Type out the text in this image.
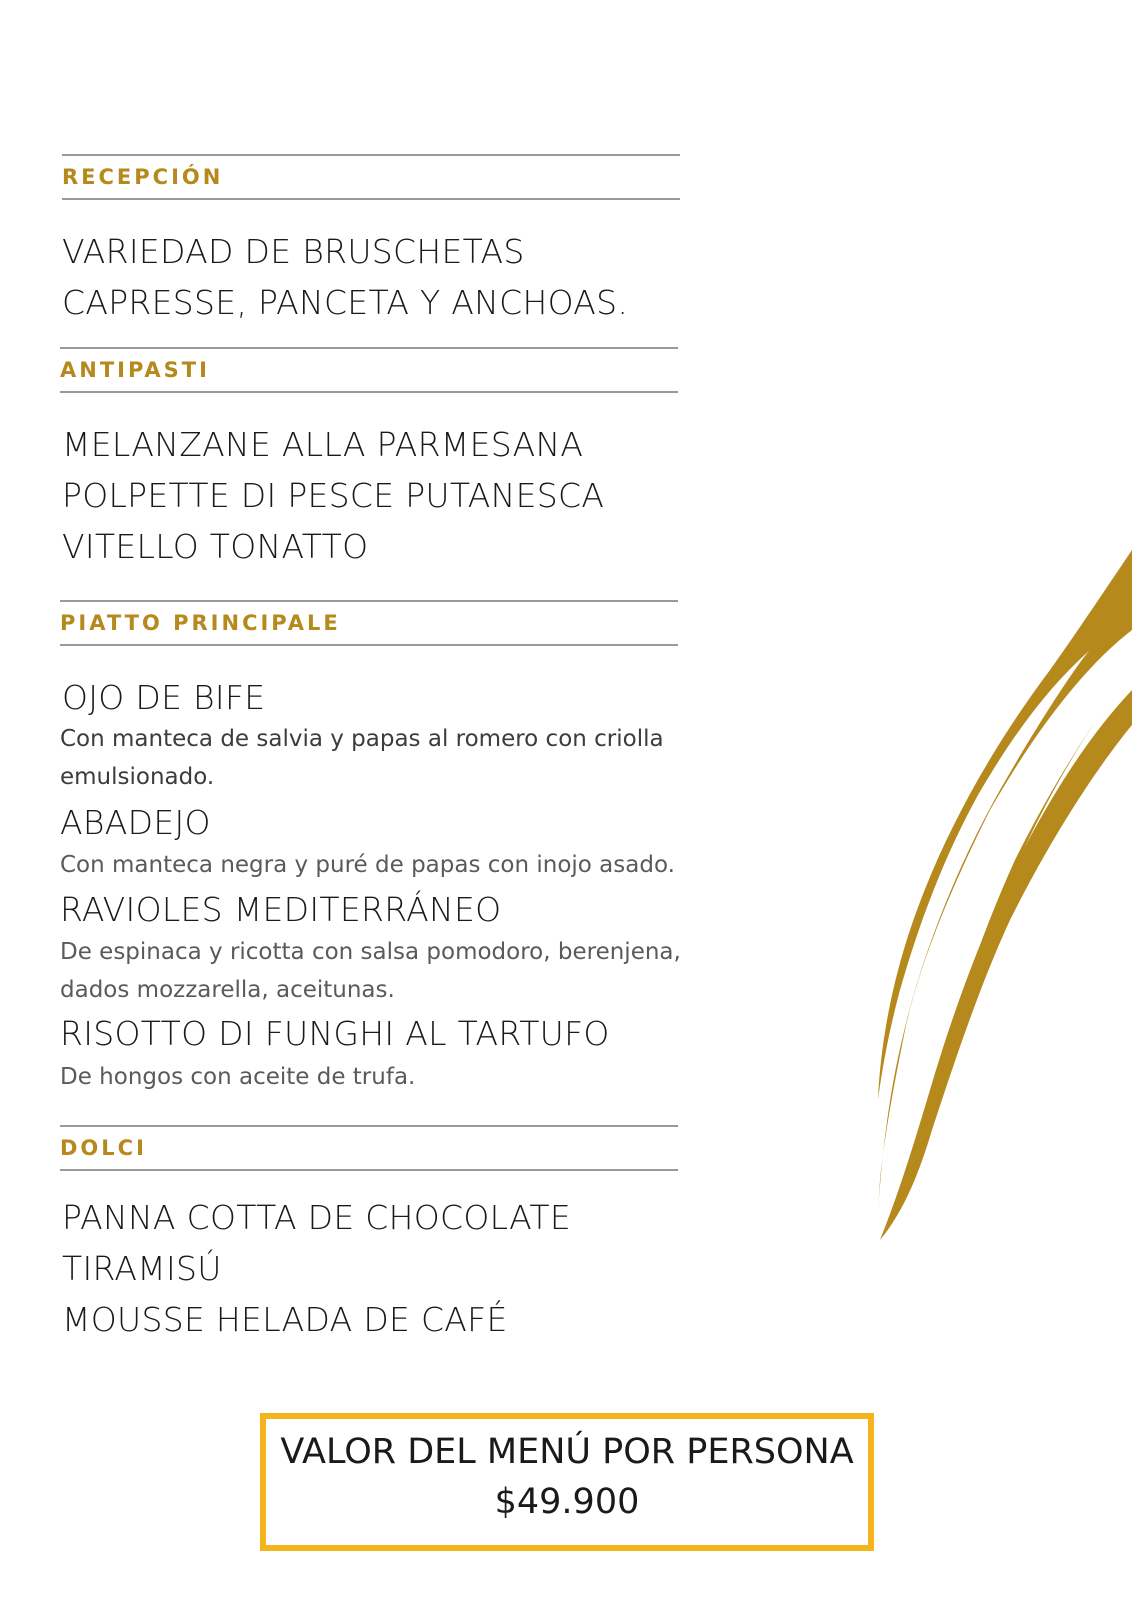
RECEPCIÓN

VARIEDAD DE BRUSCHETAS

CAPRESSE, PANCETA Y ANCHOAS.

ANTIPASTI

MELANZANE ALLA PARMESANA

POLPETTE DI PESCE PUTANESCA

VITELLO TONATTO

PIATTO PRINCIPALE

OJO DE BIFE

Con manteca de salvia y papas al romero con criolla emulsionado.

ABADEJO

Con manteca negra y puré de papas con inojo asado.

RAVIOLES MEDITERRÁNEO

De espinaca y ricotta con salsa pomodoro, berenjena, dados mozzarella, aceitunas.

RISOTTO DI FUNGHI AL TARTUFO

De hongos con aceite de trufa.

DOLCI

PANNA COTTA DE CHOCOLATE

TIRAMISÚ

MOUSSE HELADA DE CAFÉ

VALOR DEL MENÚ POR PERSONA
$49.900
